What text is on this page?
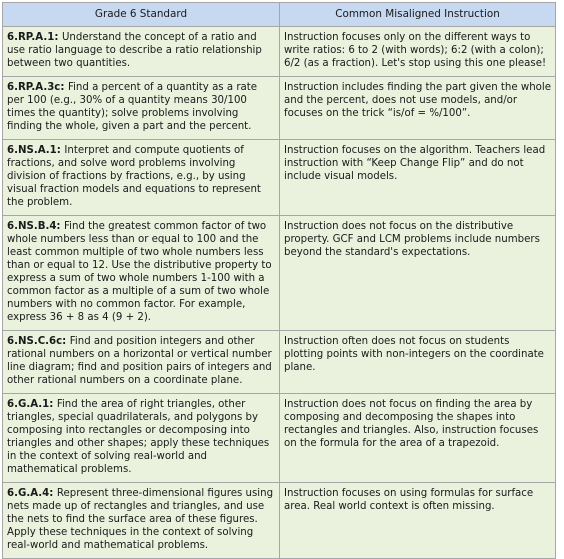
Grade 6 Standard	Common Misaligned Instruction
6.RP.A.1: Understand the concept of a ratio and use ratio language to describe a ratio relationship between two quantities.	Instruction focuses only on the different ways to write ratios: 6 to 2 (with words); 6:2 (with a colon); 6/2 (as a fraction). Let's stop using this one please!
6.RP.A.3c: Find a percent of a quantity as a rate per 100 (e.g., 30% of a quantity means 30/100 times the quantity); solve problems involving finding the whole, given a part and the percent.	Instruction includes finding the part given the whole and the percent, does not use models, and/or focuses on the trick “is/of = %/100”.
6.NS.A.1: Interpret and compute quotients of fractions, and solve word problems involving division of fractions by fractions, e.g., by using visual fraction models and equations to represent the problem.	Instruction focuses on the algorithm. Teachers lead instruction with “Keep Change Flip” and do not include visual models.
6.NS.B.4: Find the greatest common factor of two whole numbers less than or equal to 100 and the least common multiple of two whole numbers less than or equal to 12. Use the distributive property to express a sum of two whole numbers 1-100 with a common factor as a multiple of a sum of two whole numbers with no common factor. For example, express 36 + 8 as 4 (9 + 2).	Instruction does not focus on the distributive property. GCF and LCM problems include numbers beyond the standard's expectations.
6.NS.C.6c: Find and position integers and other rational numbers on a horizontal or vertical number line diagram; find and position pairs of integers and other rational numbers on a coordinate plane.	Instruction often does not focus on students plotting points with non-integers on the coordinate plane.
6.G.A.1: Find the area of right triangles, other triangles, special quadrilaterals, and polygons by composing into rectangles or decomposing into triangles and other shapes; apply these techniques in the context of solving real-world and mathematical problems.	Instruction does not focus on finding the area by composing and decomposing the shapes into rectangles and triangles. Also, instruction focuses on the formula for the area of a trapezoid.
6.G.A.4: Represent three-dimensional figures using nets made up of rectangles and triangles, and use the nets to find the surface area of these figures. Apply these techniques in the context of solving real-world and mathematical problems.	Instruction focuses on using formulas for surface area. Real world context is often missing.
